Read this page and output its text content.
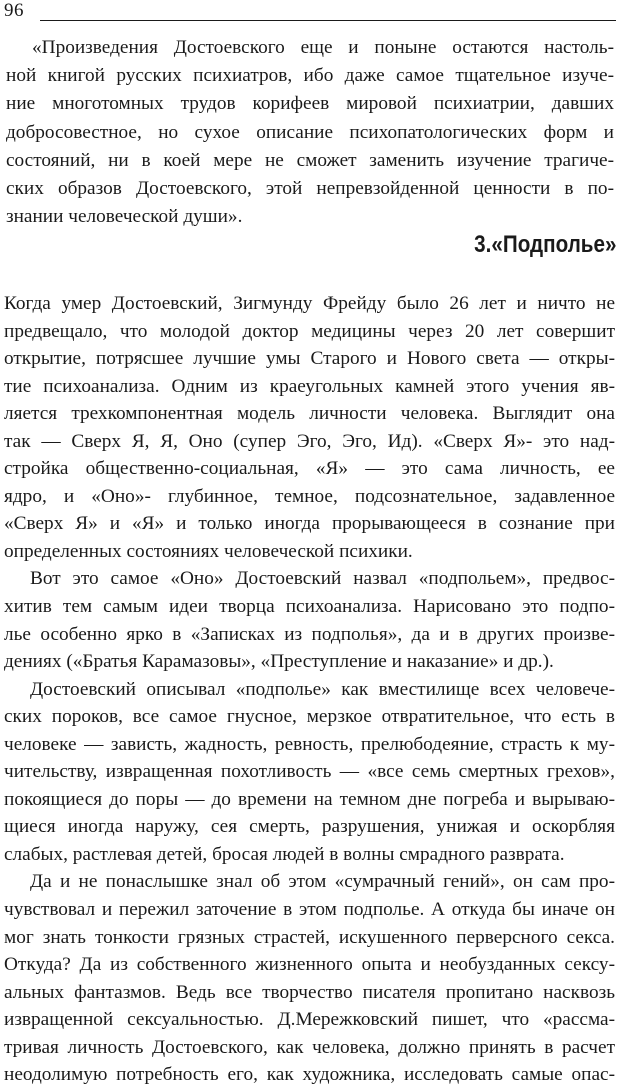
96
«Произведения Достоевского еще и поныне остаются настоль-
ной книгой русских психиатров, ибо даже самое тщательное изуче-
ние многотомных трудов корифеев мировой психиатрии, давших
добросовестное, но сухое описание психопатологических форм и
состояний, ни в коей мере не сможет заменить изучение трагиче-
ских образов Достоевского, этой непревзойденной ценности в по-
знании человеческой души».
3.«Подполье»
Когда умер Достоевский, Зигмунду Фрейду было 26 лет и ничто не
предвещало, что молодой доктор медицины через 20 лет совершит
открытие, потрясшее лучшие умы Старого и Нового света — откры-
тие психоанализа. Одним из краеугольных камней этого учения яв-
ляется трехкомпонентная модель личности человека. Выглядит она
так — Сверх Я, Я, Оно (супер Эго, Эго, Ид). «Сверх Я»- это над-
стройка общественно-социальная, «Я» — это сама личность, ее
ядро, и «Оно»- глубинное, темное, подсознательное, задавленное
«Сверх Я» и «Я» и только иногда прорывающееся в сознание при
определенных состояниях человеческой психики.
Вот это самое «Оно» Достоевский назвал «подпольем», предвос-
хитив тем самым идеи творца психоанализа. Нарисовано это подпо-
лье особенно ярко в «Записках из подполья», да и в других произве-
дениях («Братья Карамазовы», «Преступление и наказание» и др.).
Достоевский описывал «подполье» как вместилище всех человече-
ских пороков, все самое гнусное, мерзкое отвратительное, что есть в
человеке — зависть, жадность, ревность, прелюбодеяние, страсть к му-
чительству, извращенная похотливость — «все семь смертных грехов»,
покоящиеся до поры — до времени на темном дне погреба и вырываю-
щиеся иногда наружу, сея смерть, разрушения, унижая и оскорбляя
слабых, растлевая детей, бросая людей в волны смрадного разврата.
Да и не понаслышке знал об этом «сумрачный гений», он сам про-
чувствовал и пережил заточение в этом подполье. А откуда бы иначе он
мог знать тонкости грязных страстей, искушенного перверсного секса.
Откуда? Да из собственного жизненного опыта и необузданных сексу-
альных фантазмов. Ведь все творчество писателя пропитано насквозь
извращенной сексуальностью. Д.Мережковский пишет, что «рассма-
тривая личность Достоевского, как человека, должно принять в расчет
неодолимую потребность его, как художника, исследовать самые опас-
